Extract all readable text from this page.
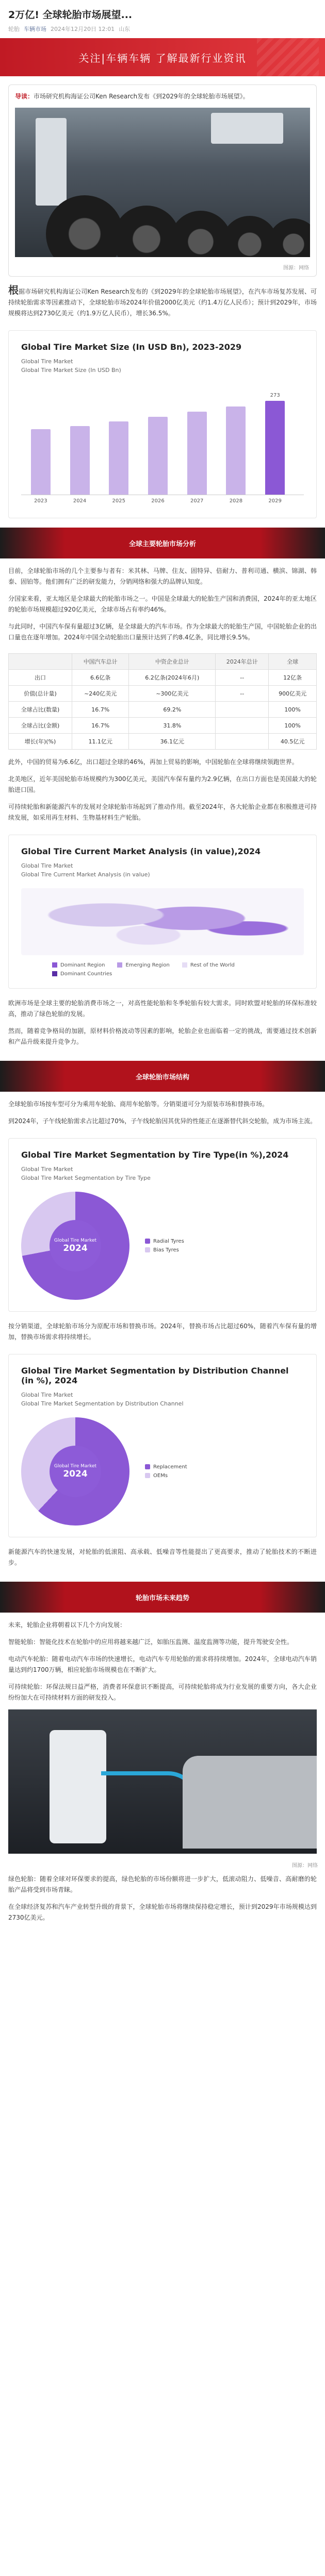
2万亿! 全球轮胎市场展望...
轮胎 车辆市场 2024年12月20日 12:01 山东
关注|车辆车辆 了解最新行业资讯
导读：市场研究机构海证公司Ken Research发布《到2029年的全球轮胎市场展望》。
图源：网络

根据市场研究机构海证公司Ken Research发布的《到2029年的全球轮胎市场展望》，在汽车市场复苏发展、可持续轮胎需求等因素推动下，全球轮胎市场2024年价值2000亿美元（约1.4万亿人民币）；预计到2029年，市场规模将达到2730亿美元（约1.9万亿人民币），增长36.5%。

Global Tire Market Size (In USD Bn), 2023-2029
Global Tire Market
Global Tire Market Size (In USD Bn)
2023	2024	2025	2026	2027	2028
273
2029
全球主要轮胎市场分析

目前，全球轮胎市场的几个主要参与者有：米其林、马牌、住友、固特异、倍耐力、普利司通、横滨、锦湖、韩泰、固铂等。他们拥有广泛的研发能力，分销网络和强大的品牌认知度。

分国家来看，亚太地区是全球最大的轮胎市场之一。中国是全球最大的轮胎生产国和消费国，2024年的亚太地区的轮胎市场规模超过920亿美元，全球市场占有率约46%。

与此同时，中国汽车保有量超过3亿辆，是全球最大的汽车市场。作为全球最大的轮胎生产国，中国轮胎企业的出口量也在逐年增加。2024年中国全动轮胎出口量预计达到了约8.4亿条，同比增长9.5%。

	中国汽车总计	中资企业总计	2024年总计	全球
出口	6.6亿条	6.2亿条(2024年6月)	--	12亿条
价值(总计量)	~240亿美元	~300亿美元	--	900亿美元
全球占比(数量)	16.7%	69.2%		100%
全球占比(金额)	16.7%	31.8%		100%
增长(年)(%)	11.1亿元	36.1亿元		40.5亿元

此外，中国的贸易为6.6亿，出口超过全球的46%，再加上贸易的影响，中国轮胎在全球将继续领跑世界。

北美地区，近年美国轮胎市场规模约为300亿美元，美国汽车保有量约为2.9亿辆，在出口方面也是美国最大的轮胎进口国。

可持续轮胎和新能源汽车的发展对全球轮胎市场起到了推动作用。截至2024年，各大轮胎企业都在积极推进可持续发展，如采用再生材料、生物基材料生产轮胎。

Global Tire Current Market Analysis (in value),2024
Global Tire Market
Global Tire Current Market Analysis (in value)
Dominant Region	Emerging Region	Rest of the World
Dominant Countries

欧洲市场是全球主要的轮胎消费市场之一，对高性能轮胎和冬季轮胎有较大需求。同时欧盟对轮胎的环保标准较高，推动了绿色轮胎的发展。

然而，随着竞争格局的加剧，原材料价格波动等因素的影响，轮胎企业也面临着一定的挑战，需要通过技术创新和产品升级来提升竞争力。

全球轮胎市场结构

全球轮胎市场按车型可分为乘用车轮胎、商用车轮胎等。分销渠道可分为原装市场和替换市场。

到2024年，子午线轮胎需求占比超过70%，子午线轮胎因其优异的性能正在逐渐替代斜交轮胎，成为市场主流。

Global Tire Market Segmentation by Tire Type(in %),2024
Global Tire Market
Global Tire Market Segmentation by Tire Type
Global Tire Market
2024
Radial Tyres
Bias Tyres

按分销渠道，全球轮胎市场分为原配市场和替换市场。2024年，替换市场占比超过60%，随着汽车保有量的增加，替换市场需求将持续增长。

Global Tire Market Segmentation by Distribution Channel (in %), 2024
Global Tire Market
Global Tire Market Segmentation by Distribution Channel
Global Tire Market
2024
Replacement
OEMs

新能源汽车的快速发展，对轮胎的低滚阻、高承载、低噪音等性能提出了更高要求，推动了轮胎技术的不断进步。

轮胎市场未来趋势

未来，轮胎企业将朝着以下几个方向发展：

智能轮胎：智能化技术在轮胎中的应用将越来越广泛，如胎压监测、温度监测等功能，提升驾驶安全性。

电动汽车轮胎：随着电动汽车市场的快速增长，电动汽车专用轮胎的需求将持续增加。2024年，全球电动汽车销量达到约1700万辆，相应轮胎市场规模也在不断扩大。

可持续轮胎：环保法规日益严格，消费者环保意识不断提高，可持续轮胎将成为行业发展的重要方向，各大企业纷纷加大在可持续材料方面的研发投入。

图源：网络

绿色轮胎：随着全球对环保要求的提高，绿色轮胎的市场份额将进一步扩大，低滚动阻力、低噪音、高耐磨的轮胎产品将受到市场青睐。

在全球经济复苏和汽车产业转型升级的背景下，全球轮胎市场将继续保持稳定增长，预计到2029年市场规模达到2730亿美元。
